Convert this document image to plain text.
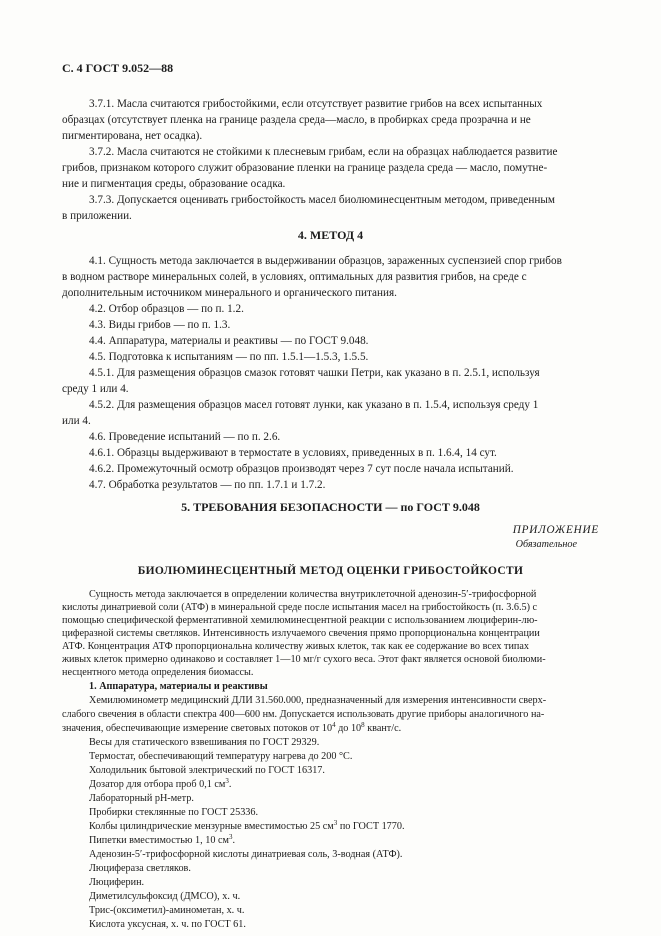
С. 4 ГОСТ 9.052—88
3.7.1. Масла считаются грибостойкими, если отсутствует развитие грибов на всех испытанных
образцах (отсутствует пленка на границе раздела среда—масло, в пробирках среда прозрачна и не
пигментирована, нет осадка).
3.7.2. Масла считаются не стойкими к плесневым грибам, если на образцах наблюдается развитие
грибов, признаком которого служит образование пленки на границе раздела среда — масло, помутне-
ние и пигментация среды, образование осадка.
3.7.3. Допускается оценивать грибостойкость масел биолюминесцентным методом, приведенным
в приложении.
4. МЕТОД 4
4.1. Сущность метода заключается в выдерживании образцов, зараженных суспензией спор грибов
в водном растворе минеральных солей, в условиях, оптимальных для развития грибов, на среде с
дополнительным источником минерального и органического питания.
4.2. Отбор образцов — по п. 1.2.
4.3. Виды грибов — по п. 1.3.
4.4. Аппаратура, материалы и реактивы — по ГОСТ 9.048.
4.5. Подготовка к испытаниям — по пп. 1.5.1—1.5.3, 1.5.5.
4.5.1. Для размещения образцов смазок готовят чашки Петри, как указано в п. 2.5.1, используя
среду 1 или 4.
4.5.2. Для размещения образцов масел готовят лунки, как указано в п. 1.5.4, используя среду 1
или 4.
4.6. Проведение испытаний — по п. 2.6.
4.6.1. Образцы выдерживают в термостате в условиях, приведенных в п. 1.6.4, 14 сут.
4.6.2. Промежуточный осмотр образцов производят через 7 сут после начала испытаний.
4.7. Обработка результатов — по пп. 1.7.1 и 1.7.2.
5. ТРЕБОВАНИЯ БЕЗОПАСНОСТИ — по ГОСТ 9.048
ПРИЛОЖЕНИЕ
Обязательное
БИОЛЮМИНЕСЦЕНТНЫЙ МЕТОД ОЦЕНКИ ГРИБОСТОЙКОСТИ
Сущность метода заключается в определении количества внутриклеточной аденозин-5′-трифосфорной
кислоты динатриевой соли (АТФ) в минеральной среде после испытания масел на грибостойкость (п. 3.6.5) с
помощью специфической ферментативной хемилюминесцентной реакции с использованием люциферин-лю-
циферазной системы светляков. Интенсивность излучаемого свечения прямо пропорциональна концентрации
АТФ. Концентрация АТФ пропорциональна количеству живых клеток, так как ее содержание во всех типах
живых клеток примерно одинаково и составляет 1—10 мг/г сухого веса. Этот факт является основой биолюми-
несцентного метода определения биомассы.
1. Аппаратура, материалы и реактивы
Хемилюминометр медицинский ДЛИ 31.560.000, предназначенный для измерения интенсивности сверх-
слабого свечения в области спектра 400—600 нм. Допускается использовать другие приборы аналогичного на-
значения, обеспечивающие измерение световых потоков от $10^4$ до $10^8$ квант/с.
Весы для статического взвешивания по ГОСТ 29329.
Термостат, обеспечивающий температуру нагрева до 200 °С.
Холодильник бытовой электрический по ГОСТ 16317.
Дозатор для отбора проб 0,1 $см^3$.
Лабораторный рН-метр.
Пробирки стеклянные по ГОСТ 25336.
Колбы цилиндрические мензурные вместимостью 25 $см^3$ по ГОСТ 1770.
Пипетки вместимостью 1, 10 $см^3$.
Аденозин-5′-трифосфорной кислоты динатриевая соль, 3-водная (АТФ).
Люцифераза светляков.
Люциферин.
Диметилсульфоксид (ДМСО), х. ч.
Трис-(оксиметил)-аминометан, х. ч.
Кислота уксусная, х. ч. по ГОСТ 61.
